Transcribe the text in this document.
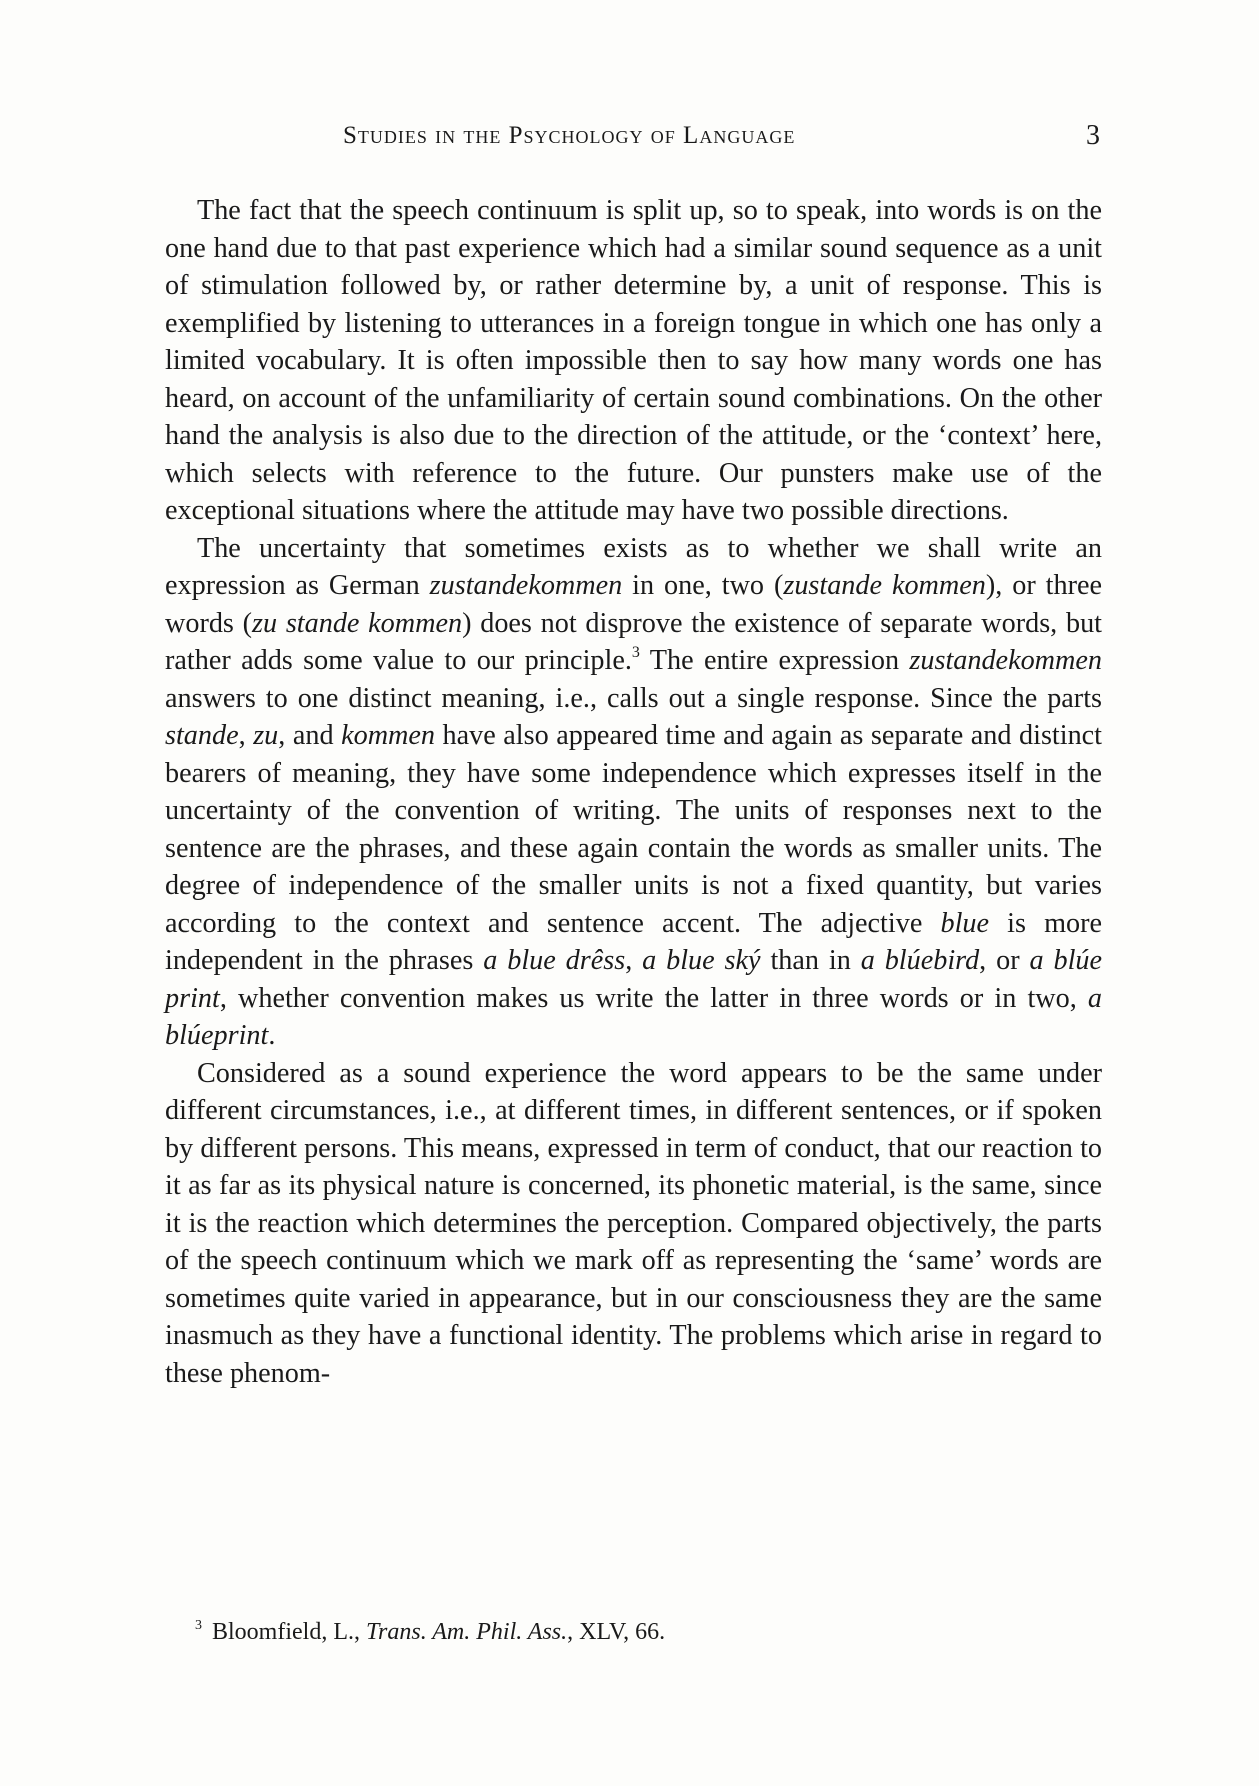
Studies in the Psychology of Language	3

The fact that the speech continuum is split up, so to speak, into words is on the one hand due to that past experience which had a similar sound sequence as a unit of stimulation followed by, or rather determine by, a unit of response. This is exemplified by listening to utterances in a foreign tongue in which one has only a limited vocabulary. It is often impossible then to say how many words one has heard, on account of the unfamiliarity of certain sound combinations. On the other hand the analysis is also due to the direction of the attitude, or the ‘context’ here, which selects with reference to the future. Our punsters make use of the exceptional situations where the attitude may have two possible directions.

The uncertainty that sometimes exists as to whether we shall write an expression as German zustandekommen in one, two (zustande kommen), or three words (zu stande kommen) does not disprove the existence of separate words, but rather adds some value to our principle.$^3$ The entire expression zustandekommen answers to one distinct meaning, i.e., calls out a single response. Since the parts stande, zu, and kommen have also appeared time and again as separate and distinct bearers of meaning, they have some independence which expresses itself in the uncertainty of the convention of writing. The units of responses next to the sentence are the phrases, and these again contain the words as smaller units. The degree of independence of the smaller units is not a fixed quantity, but varies according to the context and sentence accent. The adjective blue is more independent in the phrases a blue drêss, a blue ský than in a blúebird, or a blúe print, whether convention makes us write the latter in three words or in two, a blúeprint.

Considered as a sound experience the word appears to be the same under different circumstances, i.e., at different times, in different sentences, or if spoken by different persons. This means, expressed in term of conduct, that our reaction to it as far as its physical nature is concerned, its phonetic material, is the same, since it is the reaction which determines the perception. Compared objectively, the parts of the speech continuum which we mark off as representing the ‘same’ words are sometimes quite varied in appearance, but in our consciousness they are the same inasmuch as they have a functional identity. The problems which arise in regard to these phenom-

$^3$ Bloomfield, L., Trans. Am. Phil. Ass., XLV, 66.
